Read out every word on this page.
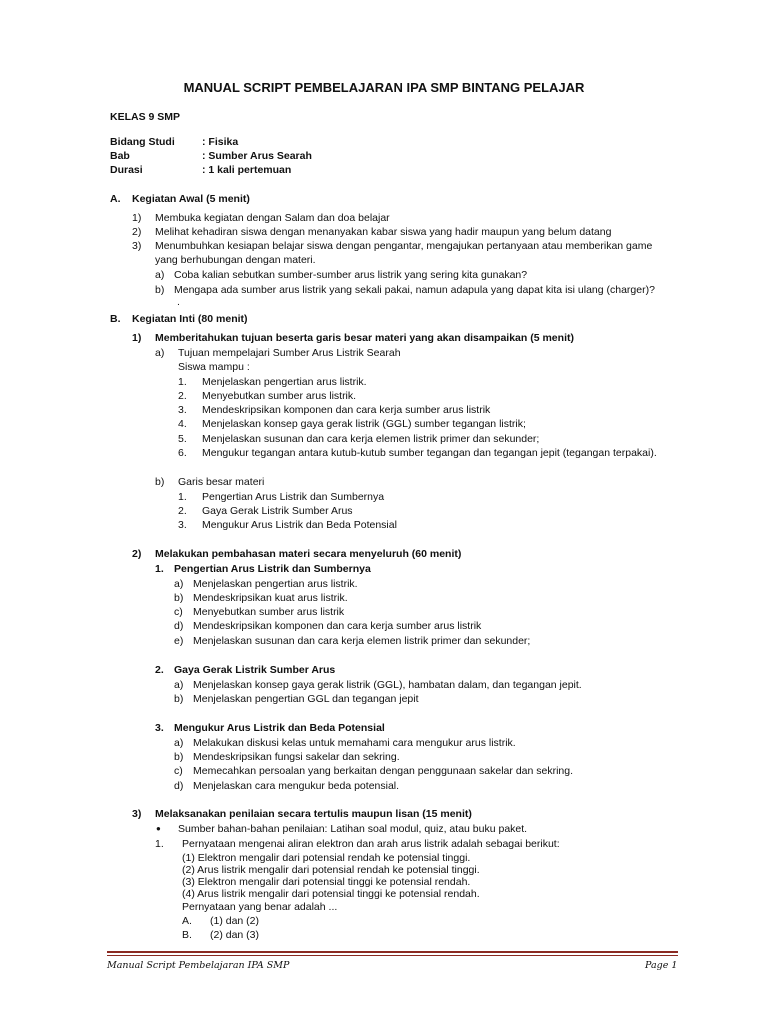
MANUAL SCRIPT PEMBELAJARAN IPA SMP BINTANG PELAJAR
KELAS 9 SMP
Bidang Studi	: Fisika
Bab	: Sumber Arus Searah
Durasi	: 1 kali pertemuan
A. Kegiatan Awal (5 menit)
1) Membuka kegiatan dengan Salam dan doa belajar
2) Melihat kehadiran siswa dengan menanyakan kabar siswa yang hadir maupun yang belum datang
3) Menumbuhkan kesiapan belajar siswa dengan pengantar, mengajukan pertanyaan atau memberikan game
yang berhubungan dengan materi.
a) Coba kalian sebutkan sumber-sumber arus listrik yang sering kita gunakan?
b) Mengapa ada sumber arus listrik yang sekali pakai, namun adapula yang dapat kita isi ulang (charger)?
.
B. Kegiatan Inti (80 menit)
1) Memberitahukan tujuan beserta garis besar materi yang akan disampaikan (5 menit)
a) Tujuan mempelajari Sumber Arus Listrik Searah
Siswa mampu :
1. Menjelaskan pengertian arus listrik.
2. Menyebutkan sumber arus listrik.
3. Mendeskripsikan komponen dan cara kerja sumber arus listrik
4. Menjelaskan konsep gaya gerak listrik (GGL) sumber tegangan listrik;
5. Menjelaskan susunan dan cara kerja elemen listrik primer dan sekunder;
6. Mengukur tegangan antara kutub-kutub sumber tegangan dan tegangan jepit (tegangan terpakai).
b) Garis besar materi
1. Pengertian Arus Listrik dan Sumbernya
2. Gaya Gerak Listrik Sumber Arus
3. Mengukur Arus Listrik dan Beda Potensial
2) Melakukan pembahasan materi secara menyeluruh (60 menit)
1. Pengertian Arus Listrik dan Sumbernya
a) Menjelaskan pengertian arus listrik.
b) Mendeskripsikan kuat arus listrik.
c) Menyebutkan sumber arus listrik
d) Mendeskripsikan komponen dan cara kerja sumber arus listrik
e) Menjelaskan susunan dan cara kerja elemen listrik primer dan sekunder;
2. Gaya Gerak Listrik Sumber Arus
a) Menjelaskan konsep gaya gerak listrik (GGL), hambatan dalam, dan tegangan jepit.
b) Menjelaskan pengertian GGL dan tegangan jepit
3. Mengukur Arus Listrik dan Beda Potensial
a) Melakukan diskusi kelas untuk memahami cara mengukur arus listrik.
b) Mendeskripsikan fungsi sakelar dan sekring.
c) Memecahkan persoalan yang berkaitan dengan penggunaan sakelar dan sekring.
d) Menjelaskan cara mengukur beda potensial.
3) Melaksanakan penilaian secara tertulis maupun lisan (15 menit)
● Sumber bahan-bahan penilaian: Latihan soal modul, quiz, atau buku paket.
1. Pernyataan mengenai aliran elektron dan arah arus listrik adalah sebagai berikut:
(1) Elektron mengalir dari potensial rendah ke potensial tinggi.
(2) Arus listrik mengalir dari potensial rendah ke potensial tinggi.
(3) Elektron mengalir dari potensial tinggi ke potensial rendah.
(4) Arus listrik mengalir dari potensial tinggi ke potensial rendah.
Pernyataan yang benar adalah ...
A. (1) dan (2)
B. (2) dan (3)
Manual Script Pembelajaran IPA SMP	Page 1
